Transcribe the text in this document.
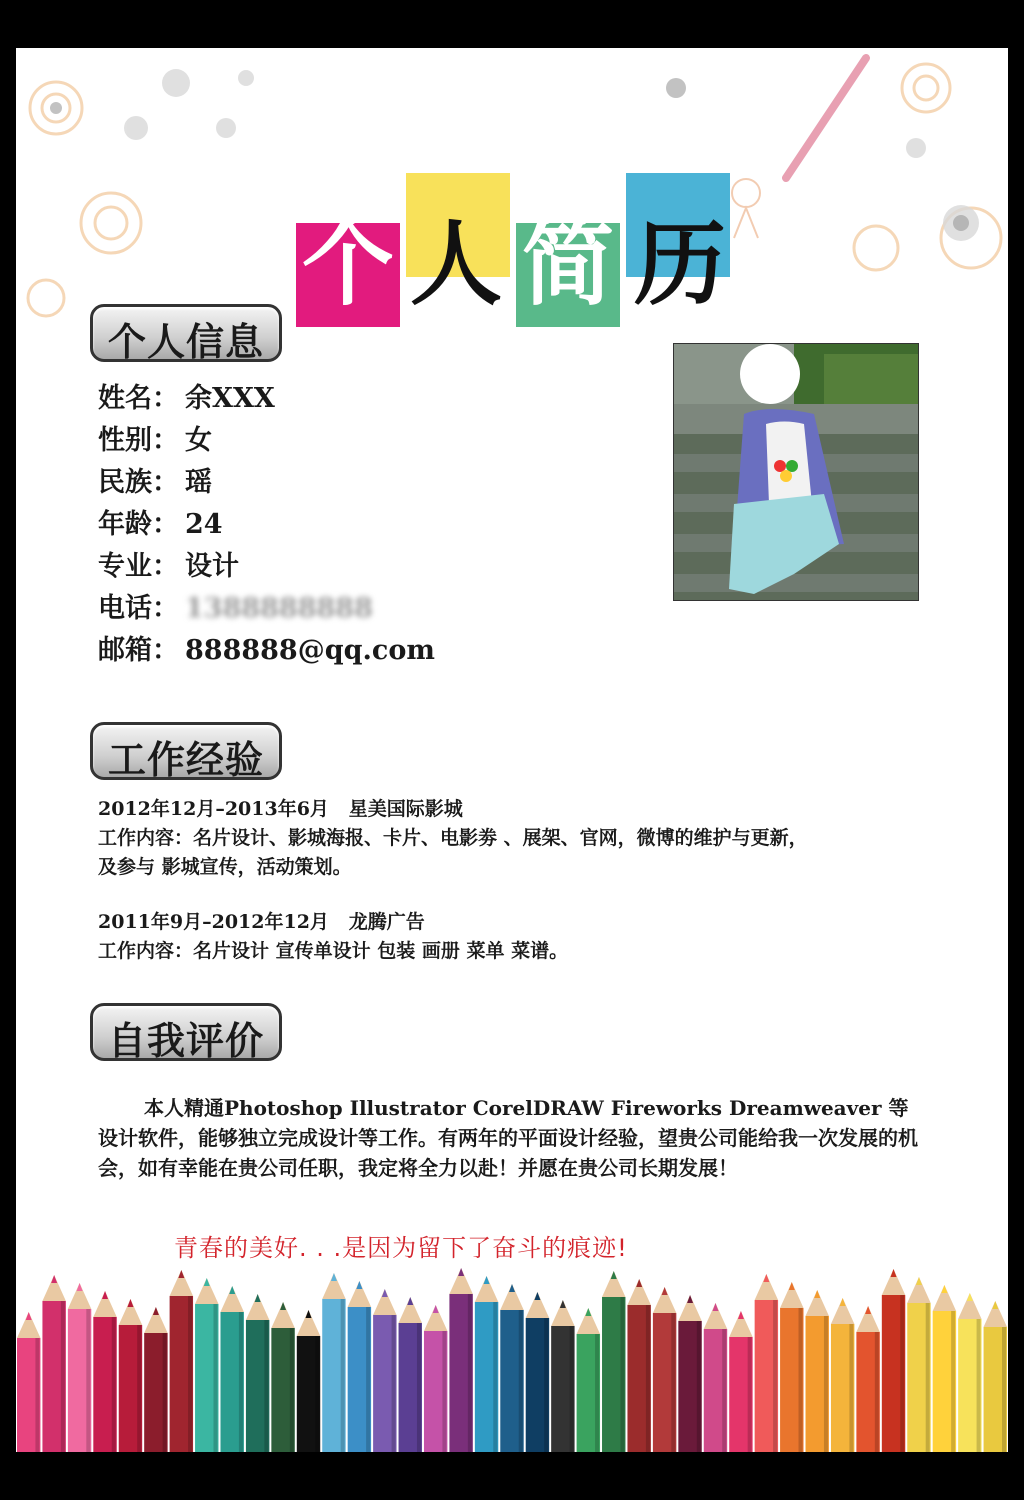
个 人 简 历
个人信息
姓名： 余XXX
性别： 女
民族： 瑶
年龄： 24
专业： 设计
电话： 1388888888
邮箱： 888888@qq.com
工作经验
2012年12月–2013年6月 星美国际影城
工作内容：名片设计、影城海报、卡片、电影劵 、展架、官网，微博的维护与更新，
及参与 影城宣传，活动策划。
2011年9月–2012年12月 龙腾广告
工作内容：名片设计 宣传单设计 包装 画册 菜单 菜谱。
自我评价
本人精通Photoshop Illustrator CorelDRAW Fireworks Dreamweaver 等设计软件，能够独立完成设计等工作。有两年的平面设计经验，望贵公司能给我一次发展的机会，如有幸能在贵公司任职，我定将全力以赴！并愿在贵公司长期发展！
青春的美好. . .是因为留下了奋斗的痕迹!
